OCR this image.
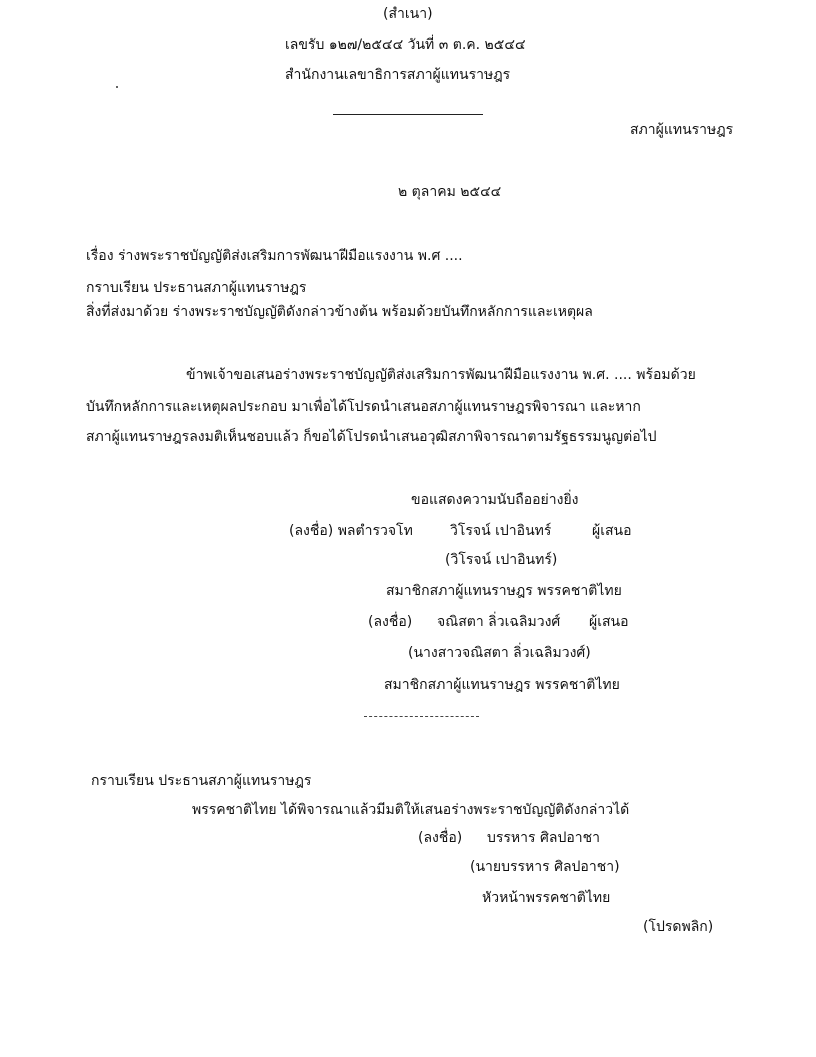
(สำเนา)
เลขรับ ๑๒๗/๒๕๔๔ วันที่ ๓ ต.ค. ๒๕๔๔
สำนักงานเลขาธิการสภาผู้แทนราษฎร
สภาผู้แทนราษฎร
๒ ตุลาคม ๒๕๔๔
เรื่อง ร่างพระราชบัญญัติส่งเสริมการพัฒนาฝีมือแรงงาน พ.ศ ....
กราบเรียน ประธานสภาผู้แทนราษฎร
สิ่งที่ส่งมาด้วย ร่างพระราชบัญญัติดังกล่าวข้างต้น พร้อมด้วยบันทึกหลักการและเหตุผล
ข้าพเจ้าขอเสนอร่างพระราชบัญญัติส่งเสริมการพัฒนาฝีมือแรงงาน พ.ศ. .... พร้อมด้วย
บันทึกหลักการและเหตุผลประกอบ มาเพื่อได้โปรดนำเสนอสภาผู้แทนราษฎรพิจารณา และหาก
สภาผู้แทนราษฎรลงมติเห็นชอบแล้ว ก็ขอได้โปรดนำเสนอวุฒิสภาพิจารณาตามรัฐธรรมนูญต่อไป
ขอแสดงความนับถืออย่างยิ่ง
(ลงชื่อ) พลตำรวจโท	วิโรจน์ เปาอินทร์	ผู้เสนอ
(วิโรจน์ เปาอินทร์)
สมาชิกสภาผู้แทนราษฎร พรรคชาติไทย
(ลงชื่อ) จณิสตา ลิ่วเฉลิมวงศ์ ผู้เสนอ
(นางสาวจณิสตา ลิ่วเฉลิมวงศ์)
สมาชิกสภาผู้แทนราษฎร พรรคชาติไทย
กราบเรียน ประธานสภาผู้แทนราษฎร
พรรคชาติไทย ได้พิจารณาแล้วมีมติให้เสนอร่างพระราชบัญญัติดังกล่าวได้
(ลงชื่อ) บรรหาร ศิลปอาชา
(นายบรรหาร ศิลปอาชา)
หัวหน้าพรรคชาติไทย
(โปรดพลิก)
